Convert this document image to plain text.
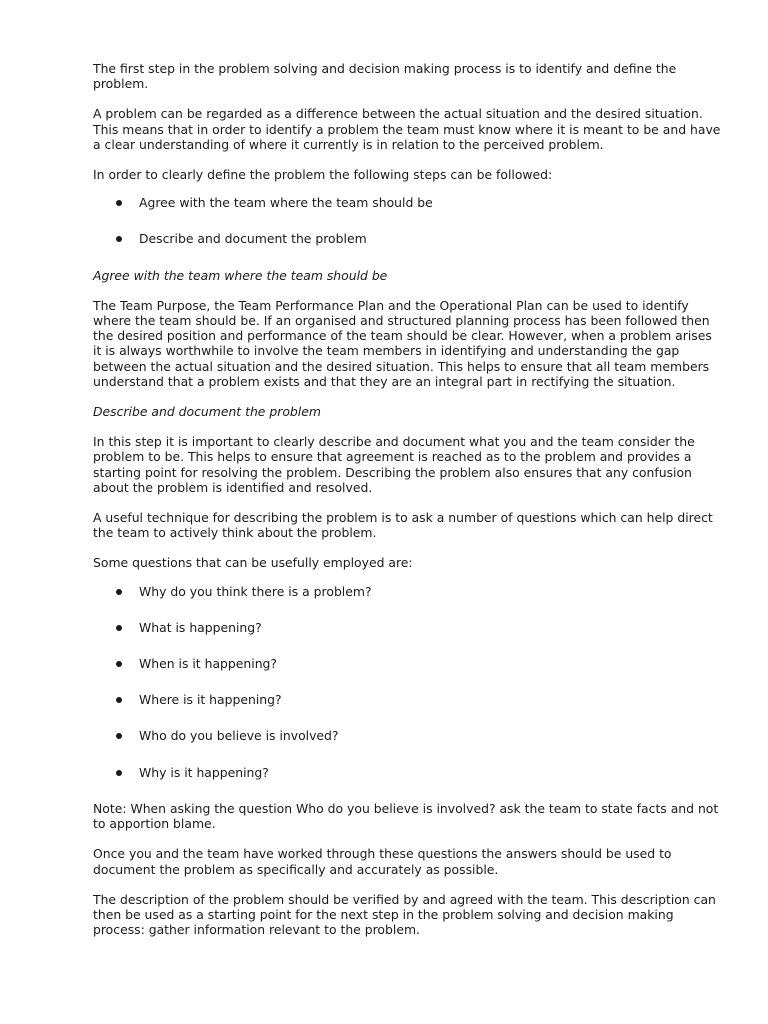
The first step in the problem solving and decision making process is to identify and define the problem.

A problem can be regarded as a difference between the actual situation and the desired situation. This means that in order to identify a problem the team must know where it is meant to be and have a clear understanding of where it currently is in relation to the perceived problem.

In order to clearly define the problem the following steps can be followed:

Agree with the team where the team should be
Describe and document the problem

Agree with the team where the team should be

The Team Purpose, the Team Performance Plan and the Operational Plan can be used to identify where the team should be. If an organised and structured planning process has been followed then the desired position and performance of the team should be clear. However, when a problem arises it is always worthwhile to involve the team members in identifying and understanding the gap between the actual situation and the desired situation. This helps to ensure that all team members understand that a problem exists and that they are an integral part in rectifying the situation.

Describe and document the problem

In this step it is important to clearly describe and document what you and the team consider the problem to be. This helps to ensure that agreement is reached as to the problem and provides a starting point for resolving the problem. Describing the problem also ensures that any confusion about the problem is identified and resolved.

A useful technique for describing the problem is to ask a number of questions which can help direct the team to actively think about the problem.

Some questions that can be usefully employed are:

Why do you think there is a problem?
What is happening?
When is it happening?
Where is it happening?
Who do you believe is involved?
Why is it happening?

Note: When asking the question Who do you believe is involved? ask the team to state facts and not to apportion blame.

Once you and the team have worked through these questions the answers should be used to document the problem as specifically and accurately as possible.

The description of the problem should be verified by and agreed with the team. This description can then be used as a starting point for the next step in the problem solving and decision making process: gather information relevant to the problem.
